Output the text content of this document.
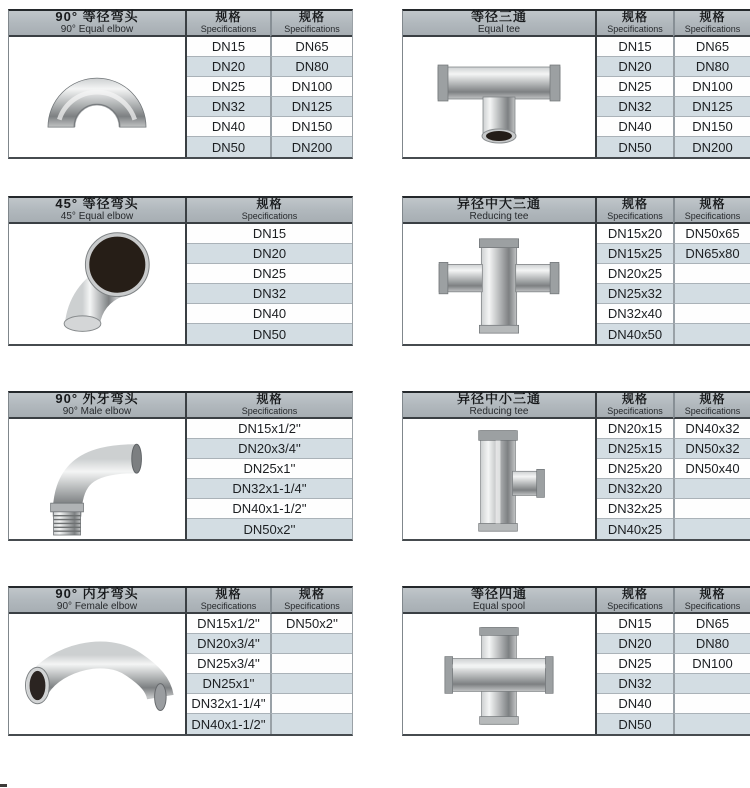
90° 等径弯头
90° Equal elbow
规格
Specifications
规格
Specifications
DN15	DN65
DN20	DN80
DN25	DN100
DN32	DN125
DN40	DN150
DN50	DN200
等径三通
Equal tee
规格
Specifications
规格
Specifications
DN15	DN65
DN20	DN80
DN25	DN100
DN32	DN125
DN40	DN150
DN50	DN200
45° 等径弯头
45° Equal elbow
规格
Specifications
DN15
DN20
DN25
DN32
DN40
DN50
异径中大三通
Reducing tee
规格
Specifications
规格
Specifications
DN15x20	DN50x65
DN15x25	DN65x80
DN20x25
DN25x32
DN32x40
DN40x50
90° 外牙弯头
90° Male elbow
规格
Specifications
DN15x1/2''
DN20x3/4''
DN25x1''
DN32x1-1/4''
DN40x1-1/2''
DN50x2''
异径中小三通
Reducing tee
规格
Specifications
规格
Specifications
DN20x15	DN40x32
DN25x15	DN50x32
DN25x20	DN50x40
DN32x20
DN32x25
DN40x25
90° 内牙弯头
90° Female elbow
规格
Specifications
规格
Specifications
DN15x1/2''	DN50x2''
DN20x3/4''
DN25x3/4''
DN25x1''
DN32x1-1/4''
DN40x1-1/2''
等径四通
Equal spool
规格
Specifications
规格
Specifications
DN15	DN65
DN20	DN80
DN25	DN100
DN32
DN40
DN50
